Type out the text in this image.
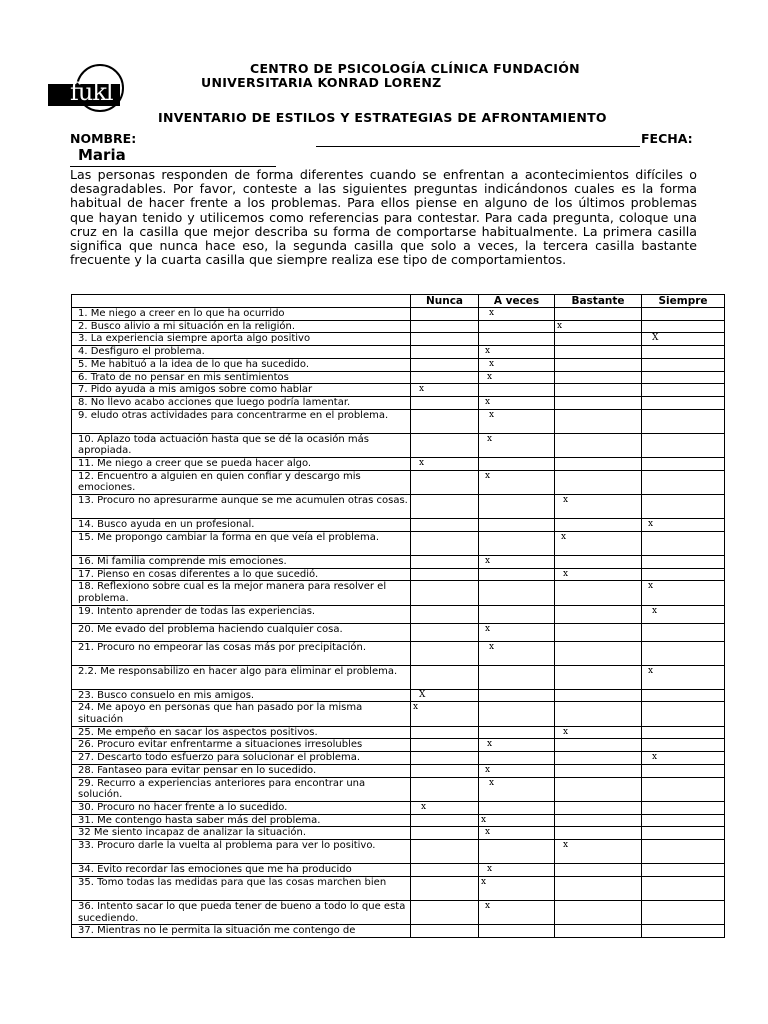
fukl
CENTRO DE PSICOLOGÍA CLÍNICA FUNDACIÓN
UNIVERSITARIA KONRAD LORENZ
INVENTARIO DE ESTILOS Y ESTRATEGIAS DE AFRONTAMIENTO
NOMBRE:	FECHA:
Maria

Las personas responden de forma diferentes cuando se enfrentan a acontecimientos difíciles o desagradables. Por favor, conteste a las siguientes preguntas indicándonos cuales es la forma habitual de hacer frente a los problemas. Para ellos piense en alguno de los últimos problemas que hayan tenido y utilicemos como referencias para contestar. Para cada pregunta, coloque una cruz en la casilla que mejor describa su forma de comportarse habitualmente. La primera casilla significa que nunca hace eso, la segunda casilla que solo a veces, la tercera casilla bastante frecuente y la cuarta casilla que siempre realiza ese tipo de comportamientos.

	Nunca	A veces	Bastante	Siempre
1. Me niego a creer en lo que ha ocurrido		x		

2. Busco alivio a mi situación en la religión.			x	

3. La experiencia siempre aporta algo positivo				X

4. Desfiguro el problema.		x		

5. Me habituó a la idea de lo que ha sucedido.		x		

6. Trato de no pensar en mis sentimientos		x		

7. Pido ayuda a mis amigos sobre como hablar	x			

8. No llevo acabo acciones que luego podría lamentar.		x		

9. eludo otras actividades para concentrarme en el problema.		x		

10. Aplazo toda actuación hasta que se dé la ocasión más apropiada.		x		

11. Me niego a creer que se pueda hacer algo.	x			

12. Encuentro a alguien en quien confiar y descargo mis emociones.		x		

13. Procuro no apresurarme aunque se me acumulen otras cosas.			x	

14. Busco ayuda en un profesional.				x

15. Me propongo cambiar la forma en que veía el problema.			x	

16. Mi familia comprende mis emociones.		x		

17. Pienso en cosas diferentes a lo que sucedió.			x	

18. Reflexiono sobre cual es la mejor manera para resolver el problema.				x

19. Intento aprender de todas las experiencias.				x

20. Me evado del problema haciendo cualquier cosa.		x		

21. Procuro no empeorar las cosas más por precipitación.		x		

2.2. Me responsabilizo en hacer algo para eliminar el problema.				x

23. Busco consuelo en mis amigos.	X			

24. Me apoyo en personas que han pasado por la misma situación	x			

25. Me empeño en sacar los aspectos positivos.			x	

26. Procuro evitar enfrentarme a situaciones irresolubles		x		

27. Descarto todo esfuerzo para solucionar el problema.				x

28. Fantaseo para evitar pensar en lo sucedido.		x		

29. Recurro a experiencias anteriores para encontrar una solución.		x		

30. Procuro no hacer frente a lo sucedido.	x			

31. Me contengo hasta saber más del problema.		x		

32 Me siento incapaz de analizar la situación.		x		

33. Procuro darle la vuelta al problema para ver lo positivo.			x	

34. Evito recordar las emociones que me ha producido		x		

35. Tomo todas las medidas para que las cosas marchen bien		x		

36. Intento sacar lo que pueda tener de bueno a todo lo que esta sucediendo.		x		

37. Mientras no le permita la situación me contengo de				
